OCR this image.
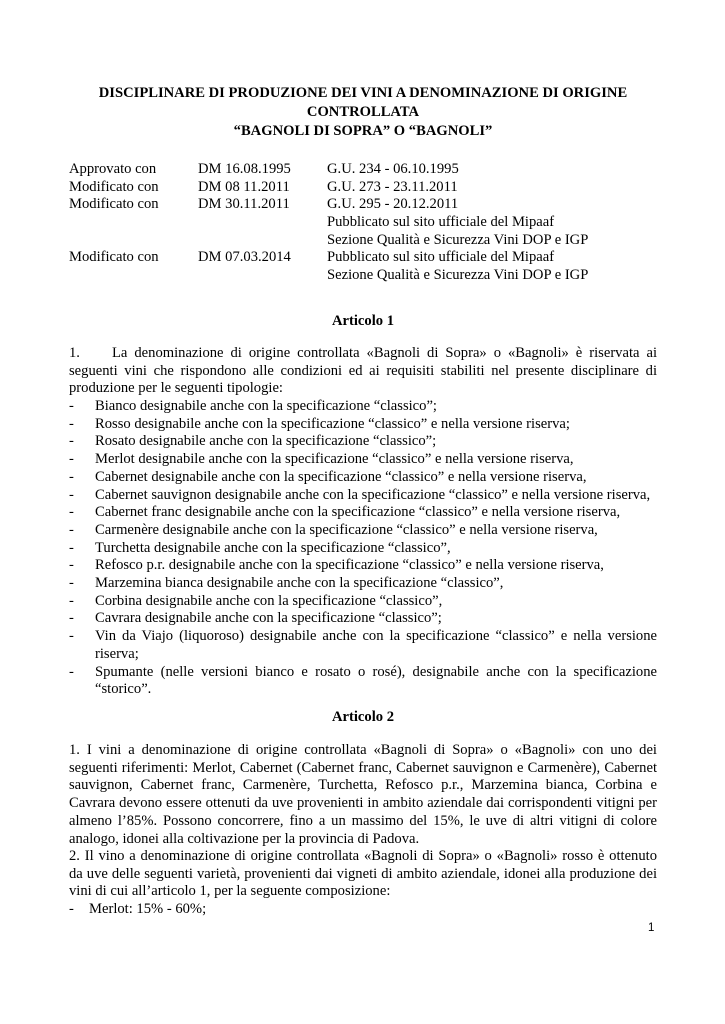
DISCIPLINARE DI PRODUZIONE DEI VINI A DENOMINAZIONE DI ORIGINE
CONTROLLATA
“BAGNOLI DI SOPRA” O “BAGNOLI”
Approvato con	DM 16.08.1995 G.U. 234 - 06.10.1995
Modificato con	DM 08 11.2011	G.U. 273 - 23.11.2011
Modificato con	DM 30.11.2011	G.U. 295 - 20.12.2011
Pubblicato sul sito ufficiale del Mipaaf
Sezione Qualità e Sicurezza Vini DOP e IGP
Modificato con	DM 07.03.2014 Pubblicato sul sito ufficiale del Mipaaf
Sezione Qualità e Sicurezza Vini DOP e IGP
Articolo 1
1. La denominazione di origine controllata «Bagnoli di Sopra» o «Bagnoli» è riservata ai
seguenti vini che rispondono alle condizioni ed ai requisiti stabiliti nel presente disciplinare di
produzione per le seguenti tipologie:
- Bianco designabile anche con la specificazione “classico”;
- Rosso designabile anche con la specificazione “classico” e nella versione riserva;
- Rosato designabile anche con la specificazione “classico”;
- Merlot designabile anche con la specificazione “classico” e nella versione riserva,
- Cabernet designabile anche con la specificazione “classico” e nella versione riserva,
- Cabernet sauvignon designabile anche con la specificazione “classico” e nella versione riserva,
- Cabernet franc designabile anche con la specificazione “classico” e nella versione riserva,
- Carmenère designabile anche con la specificazione “classico” e nella versione riserva,
- Turchetta designabile anche con la specificazione “classico”,
- Refosco p.r. designabile anche con la specificazione “classico” e nella versione riserva,
- Marzemina bianca designabile anche con la specificazione “classico”,
- Corbina designabile anche con la specificazione “classico”,
- Cavrara designabile anche con la specificazione “classico”;
- Vin da Viajo (liquoroso) designabile anche con la specificazione “classico” e nella versione
riserva;
- Spumante (nelle versioni bianco e rosato o rosé), designabile anche con la specificazione
“storico”.
Articolo 2
1. I vini a denominazione di origine controllata «Bagnoli di Sopra» o «Bagnoli» con uno dei
seguenti riferimenti: Merlot, Cabernet (Cabernet franc, Cabernet sauvignon e Carmenère), Cabernet
sauvignon, Cabernet franc, Carmenère, Turchetta, Refosco p.r., Marzemina bianca, Corbina e
Cavrara devono essere ottenuti da uve provenienti in ambito aziendale dai corrispondenti vitigni per
almeno l’85%. Possono concorrere, fino a un massimo del 15%, le uve di altri vitigni di colore
analogo, idonei alla coltivazione per la provincia di Padova.
2. Il vino a denominazione di origine controllata «Bagnoli di Sopra» o «Bagnoli» rosso è ottenuto
da uve delle seguenti varietà, provenienti dai vigneti di ambito aziendale, idonei alla produzione dei
vini di cui all’articolo 1, per la seguente composizione:
- Merlot: 15% - 60%;
1
